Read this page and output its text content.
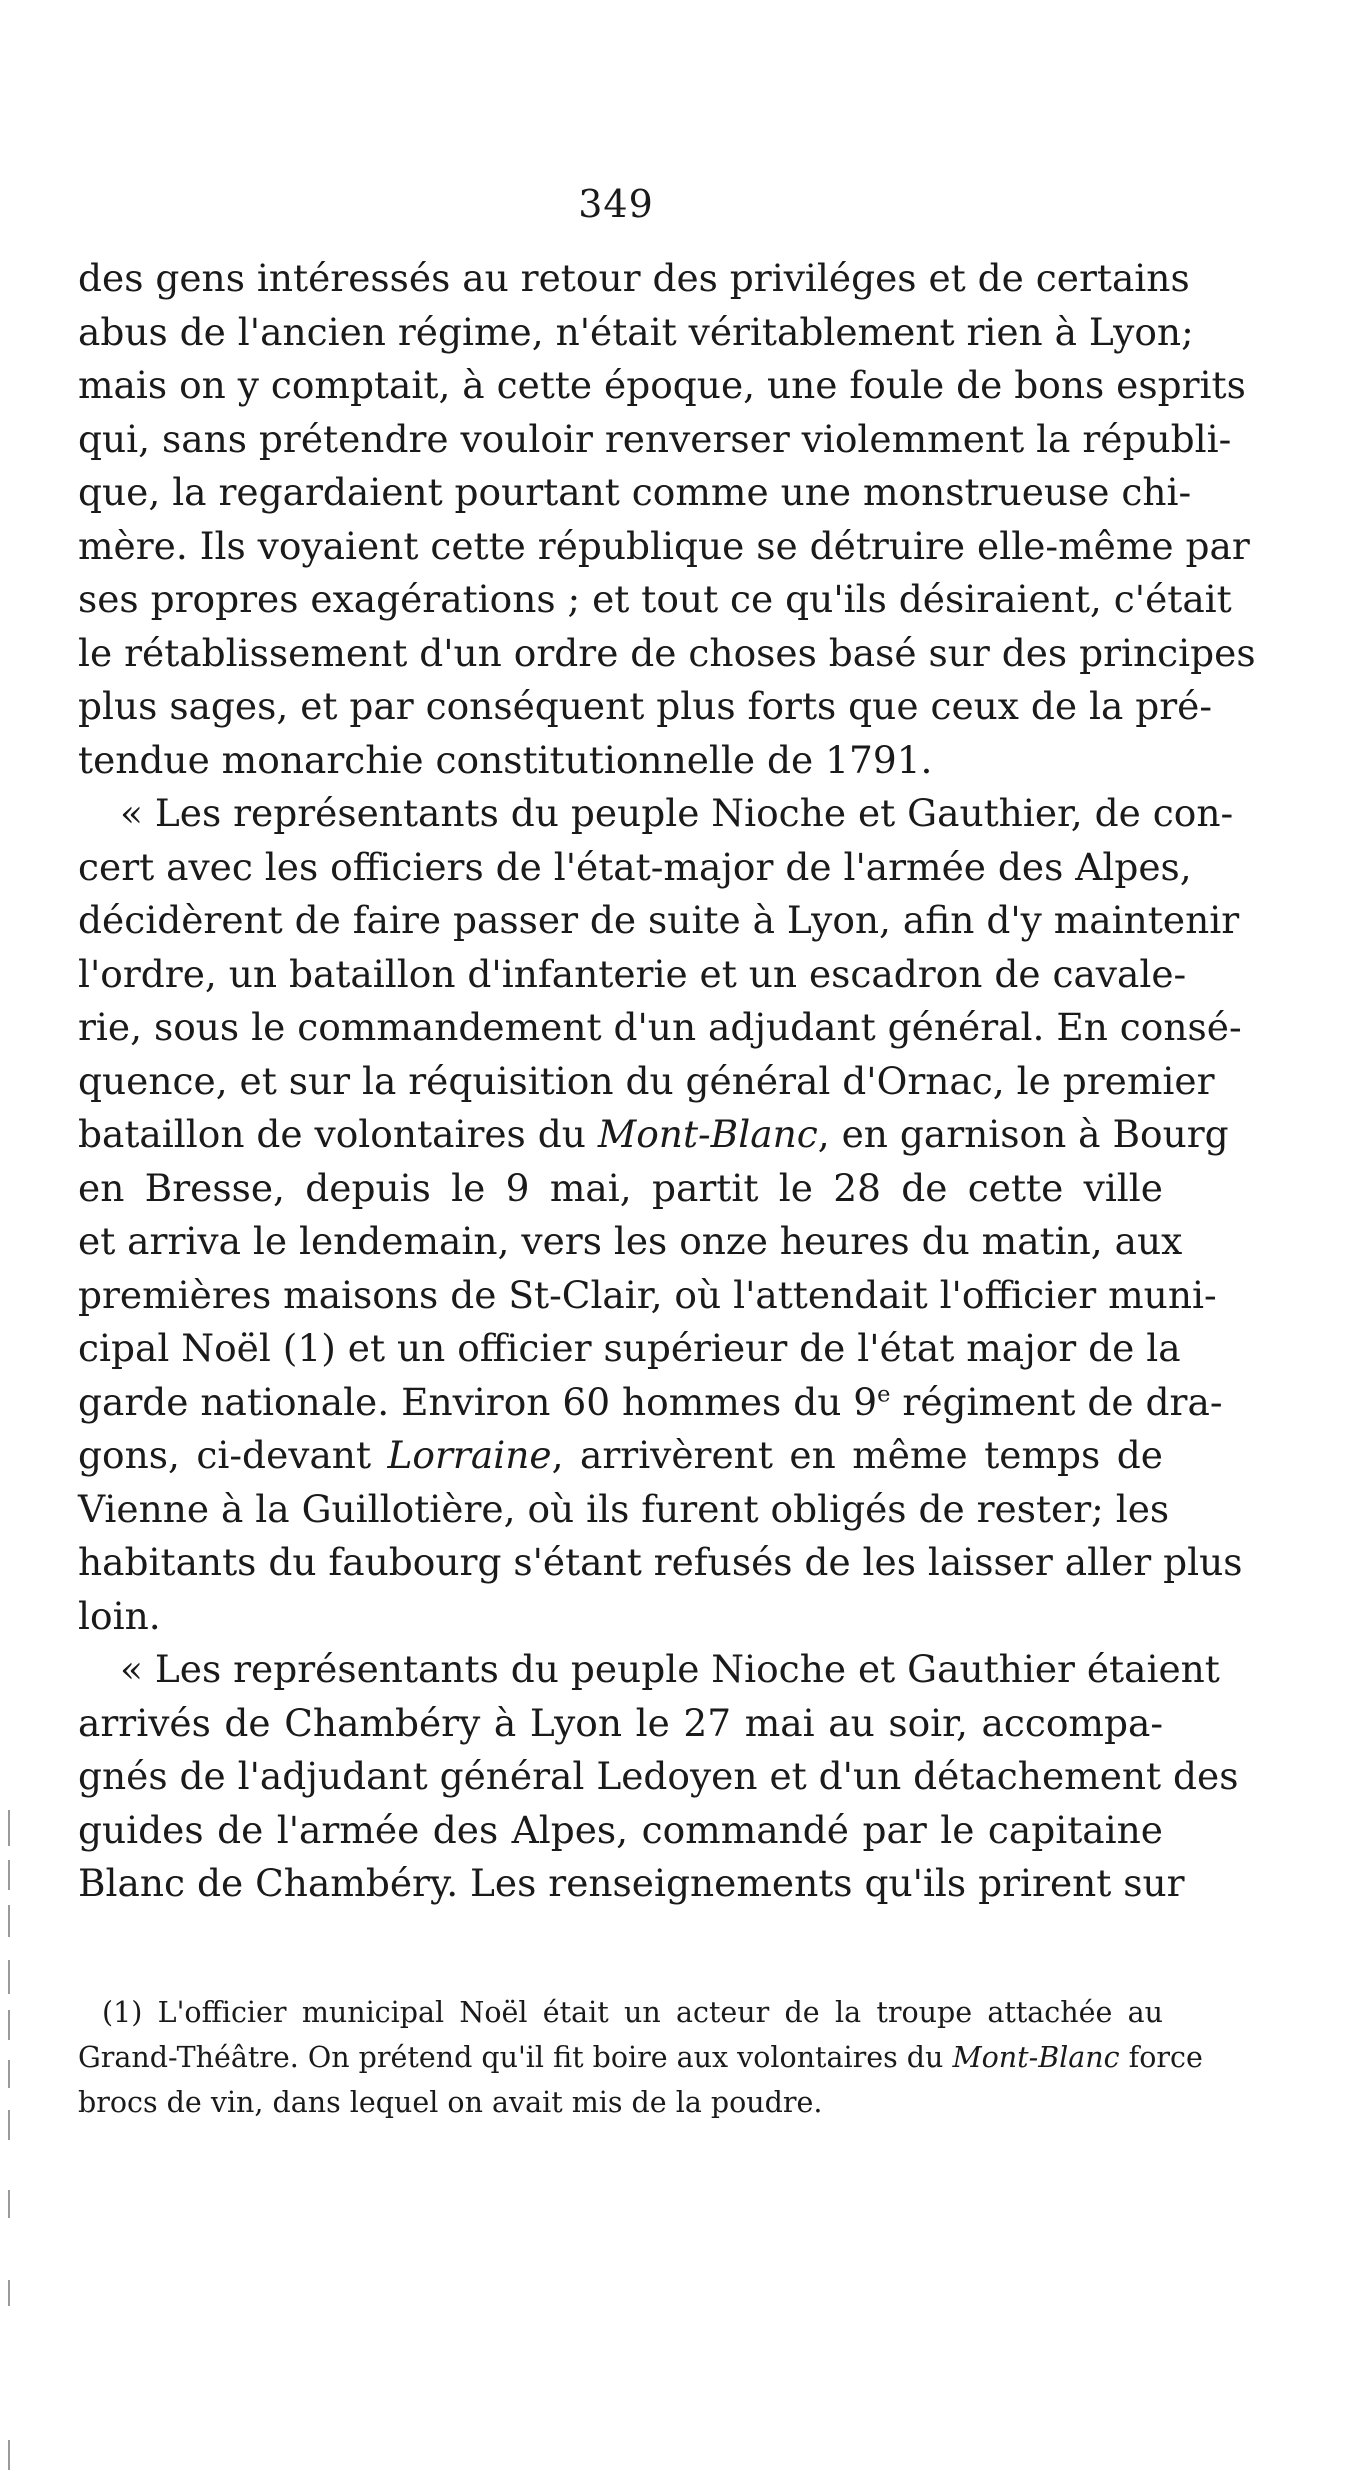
349
des gens intéressés au retour des priviléges et de certains
abus de l'ancien régime, n'était véritablement rien à Lyon;
mais on y comptait, à cette époque, une foule de bons esprits
qui, sans prétendre vouloir renverser violemment la républi-
que, la regardaient pourtant comme une monstrueuse chi-
mère. Ils voyaient cette république se détruire elle-même par
ses propres exagérations ; et tout ce qu'ils désiraient, c'était
le rétablissement d'un ordre de choses basé sur des principes
plus sages, et par conséquent plus forts que ceux de la pré-
tendue monarchie constitutionnelle de 1791.
« Les représentants du peuple Nioche et Gauthier, de con-
cert avec les officiers de l'état-major de l'armée des Alpes,
décidèrent de faire passer de suite à Lyon, afin d'y maintenir
l'ordre, un bataillon d'infanterie et un escadron de cavale-
rie, sous le commandement d'un adjudant général. En consé-
quence, et sur la réquisition du général d'Ornac, le premier
bataillon de volontaires du Mont-Blanc, en garnison à Bourg
en Bresse, depuis le 9 mai, partit le 28 de cette ville
et arriva le lendemain, vers les onze heures du matin, aux
premières maisons de St-Clair, où l'attendait l'officier muni-
cipal Noël (1) et un officier supérieur de l'état major de la
garde nationale. Environ 60 hommes du 9e régiment de dra-
gons, ci-devant Lorraine, arrivèrent en même temps de
Vienne à la Guillotière, où ils furent obligés de rester; les
habitants du faubourg s'étant refusés de les laisser aller plus
loin.
« Les représentants du peuple Nioche et Gauthier étaient
arrivés de Chambéry à Lyon le 27 mai au soir, accompa-
gnés de l'adjudant général Ledoyen et d'un détachement des
guides de l'armée des Alpes, commandé par le capitaine
Blanc de Chambéry. Les renseignements qu'ils prirent sur
(1) L'officier municipal Noël était un acteur de la troupe attachée au
Grand-Théâtre. On prétend qu'il fit boire aux volontaires du Mont-Blanc force
brocs de vin, dans lequel on avait mis de la poudre.
